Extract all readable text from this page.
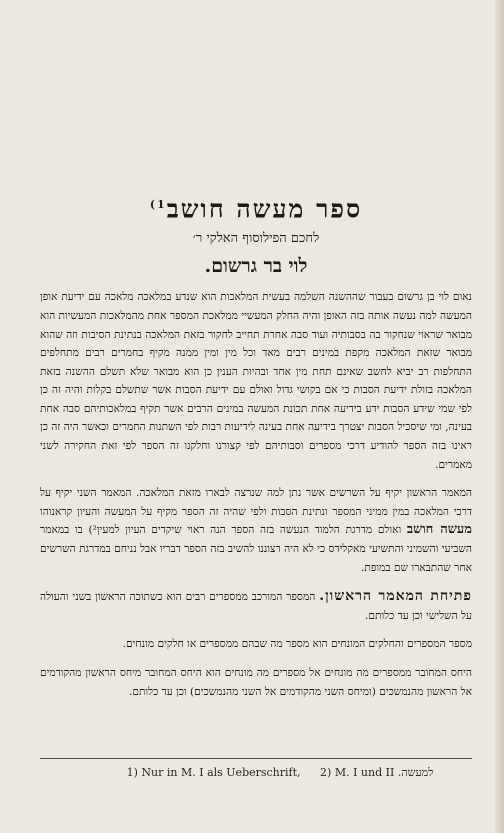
ספר מעשה חושב$^{1)}$

לחכם הפילוסוף האלקי ר׳

לוי בר גרשום.

נאום לוי בן גרשום בעבור שההשנה השלמה בעשית המלאכות הוא שנדע במלאכה מלאכה עם ידיעת אופן המעשה למה נעשה אותה בזה האופן והיה החלק המעשיי ממלאכת המספר אחת מהמלאכות המעשיות הוא מבואר שראוי שנחקור בה בסבותיה ועוד סבה אחרת תחייב לחקור בזאת המלאכה בנתינת הסיבות וזה שהוא מבואר שזאת המלאכה מקפת במינים רבים מאד וכל מין ומין ממנה מקיף בחמרים רבים מתחלפים התחלפות רב יביא לחשב שאינם תחת מין אחד ובהיות הענין כן הוא מבואר שלא תשלם ההשנה בזאת המלאכה בזולת ידיעת הסבות כי אם בקושי גדול ואולם עם ידיעת הסבות אשר שתשלם בקלות והיה זה כן לפי שמי שידע הסבות ידע בידיעה אחת תכונת המעשה במינים הרבים אשר תקיף במלאכותיהם סבה אחת בעינה, ומי שיסכיל הסבות יצטרך בידיעה אחת בעינה לידיעות רבות לפי השתנות החמרים וכאשר היה זה כן ראינו בזה הספר להודיע דרכי מספרים וסבותיהם לפי קצורנו וחלקנו זה הספר לפי זאת החקירה לשני מאמרים.

המאמר הראשון יקיף על השרשים אשר נתן למה שנרצה לבארו מזאת המלאכה. המאמר השני יקיף על דרכי המלאכה במין ממיני המספר ונתינת הסבות ולפי שהיה זה הספר מקיף על המעשה והעיון קראנוהו מעשה חושב ואולם מדרגת הלמוד הנעשה בזה הספר הנה ראוי שיקדים העיון למעין²) בו במאמר השביעי והשמיני והתשיעי מאקלידס כי לא היה רצוננו להשיב בזה הספר דבריו אבל נניחם במדרגת השרשים אחר שהתבארו שם במופת.

פתיחת המאמר הראשון. המספר המורכב ממספרים רבים הוא כשתוכה הראשון בשני והעולה על השלישי וכן עד כלותם.

מספר המספרים והחלקים המונחים הוא מספר מה שבהם ממספרים או חלקים מונחים.

היחס המחובר ממספרים מה מונחים אל מספרים מה מונחים הוא היחס המחובר מיחס הראשון מהקודמים אל הראשון מהנמשכים (ומיחס השני מהקודמים אל השני מהנמשכים) וכן עד כלותם.

1) Nur in M. I als Ueberschrift, 2) M. I und II למעשה.
